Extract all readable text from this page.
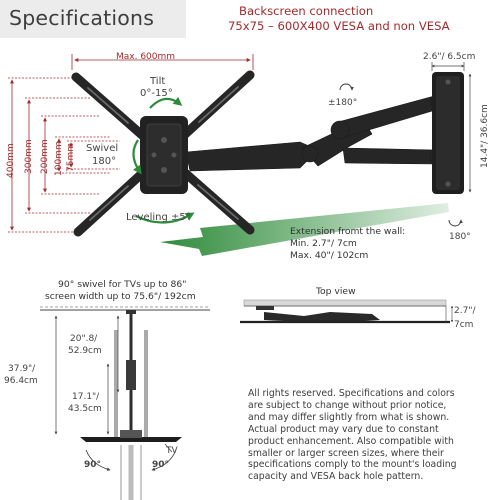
Specifications	Backscreen connection
75x75 – 600X400 VESA and non VESA
Max. 600mm
400mm 300mm 200mm 100mm 75mm
Tilt
0°-15°
Swivel
180°
Leveling ±5°
±180°
180°
2.6"/ 6.5cm
14.4"/ 36.6cm
Extension fromt the wall:
Min. 2.7"/ 7cm
Max. 40"/ 102cm
90° swivel for TVs up to 86"
screen width up to 75.6"/ 192cm
20".8/
52.9cm
37.9"/
96.4cm
17.1"/
43.5cm
90°	90°
TV
Top view
2.7"/
7cm
All rights reserved. Specifications and colors
are subject to change without prior notice,
and may differ slightly from what is shown.
Actual product may vary due to constant
product enhancement. Also compatible with
smaller or larger screen sizes, where their
specifications comply to the mount's loading
capacity and VESA back hole pattern.
